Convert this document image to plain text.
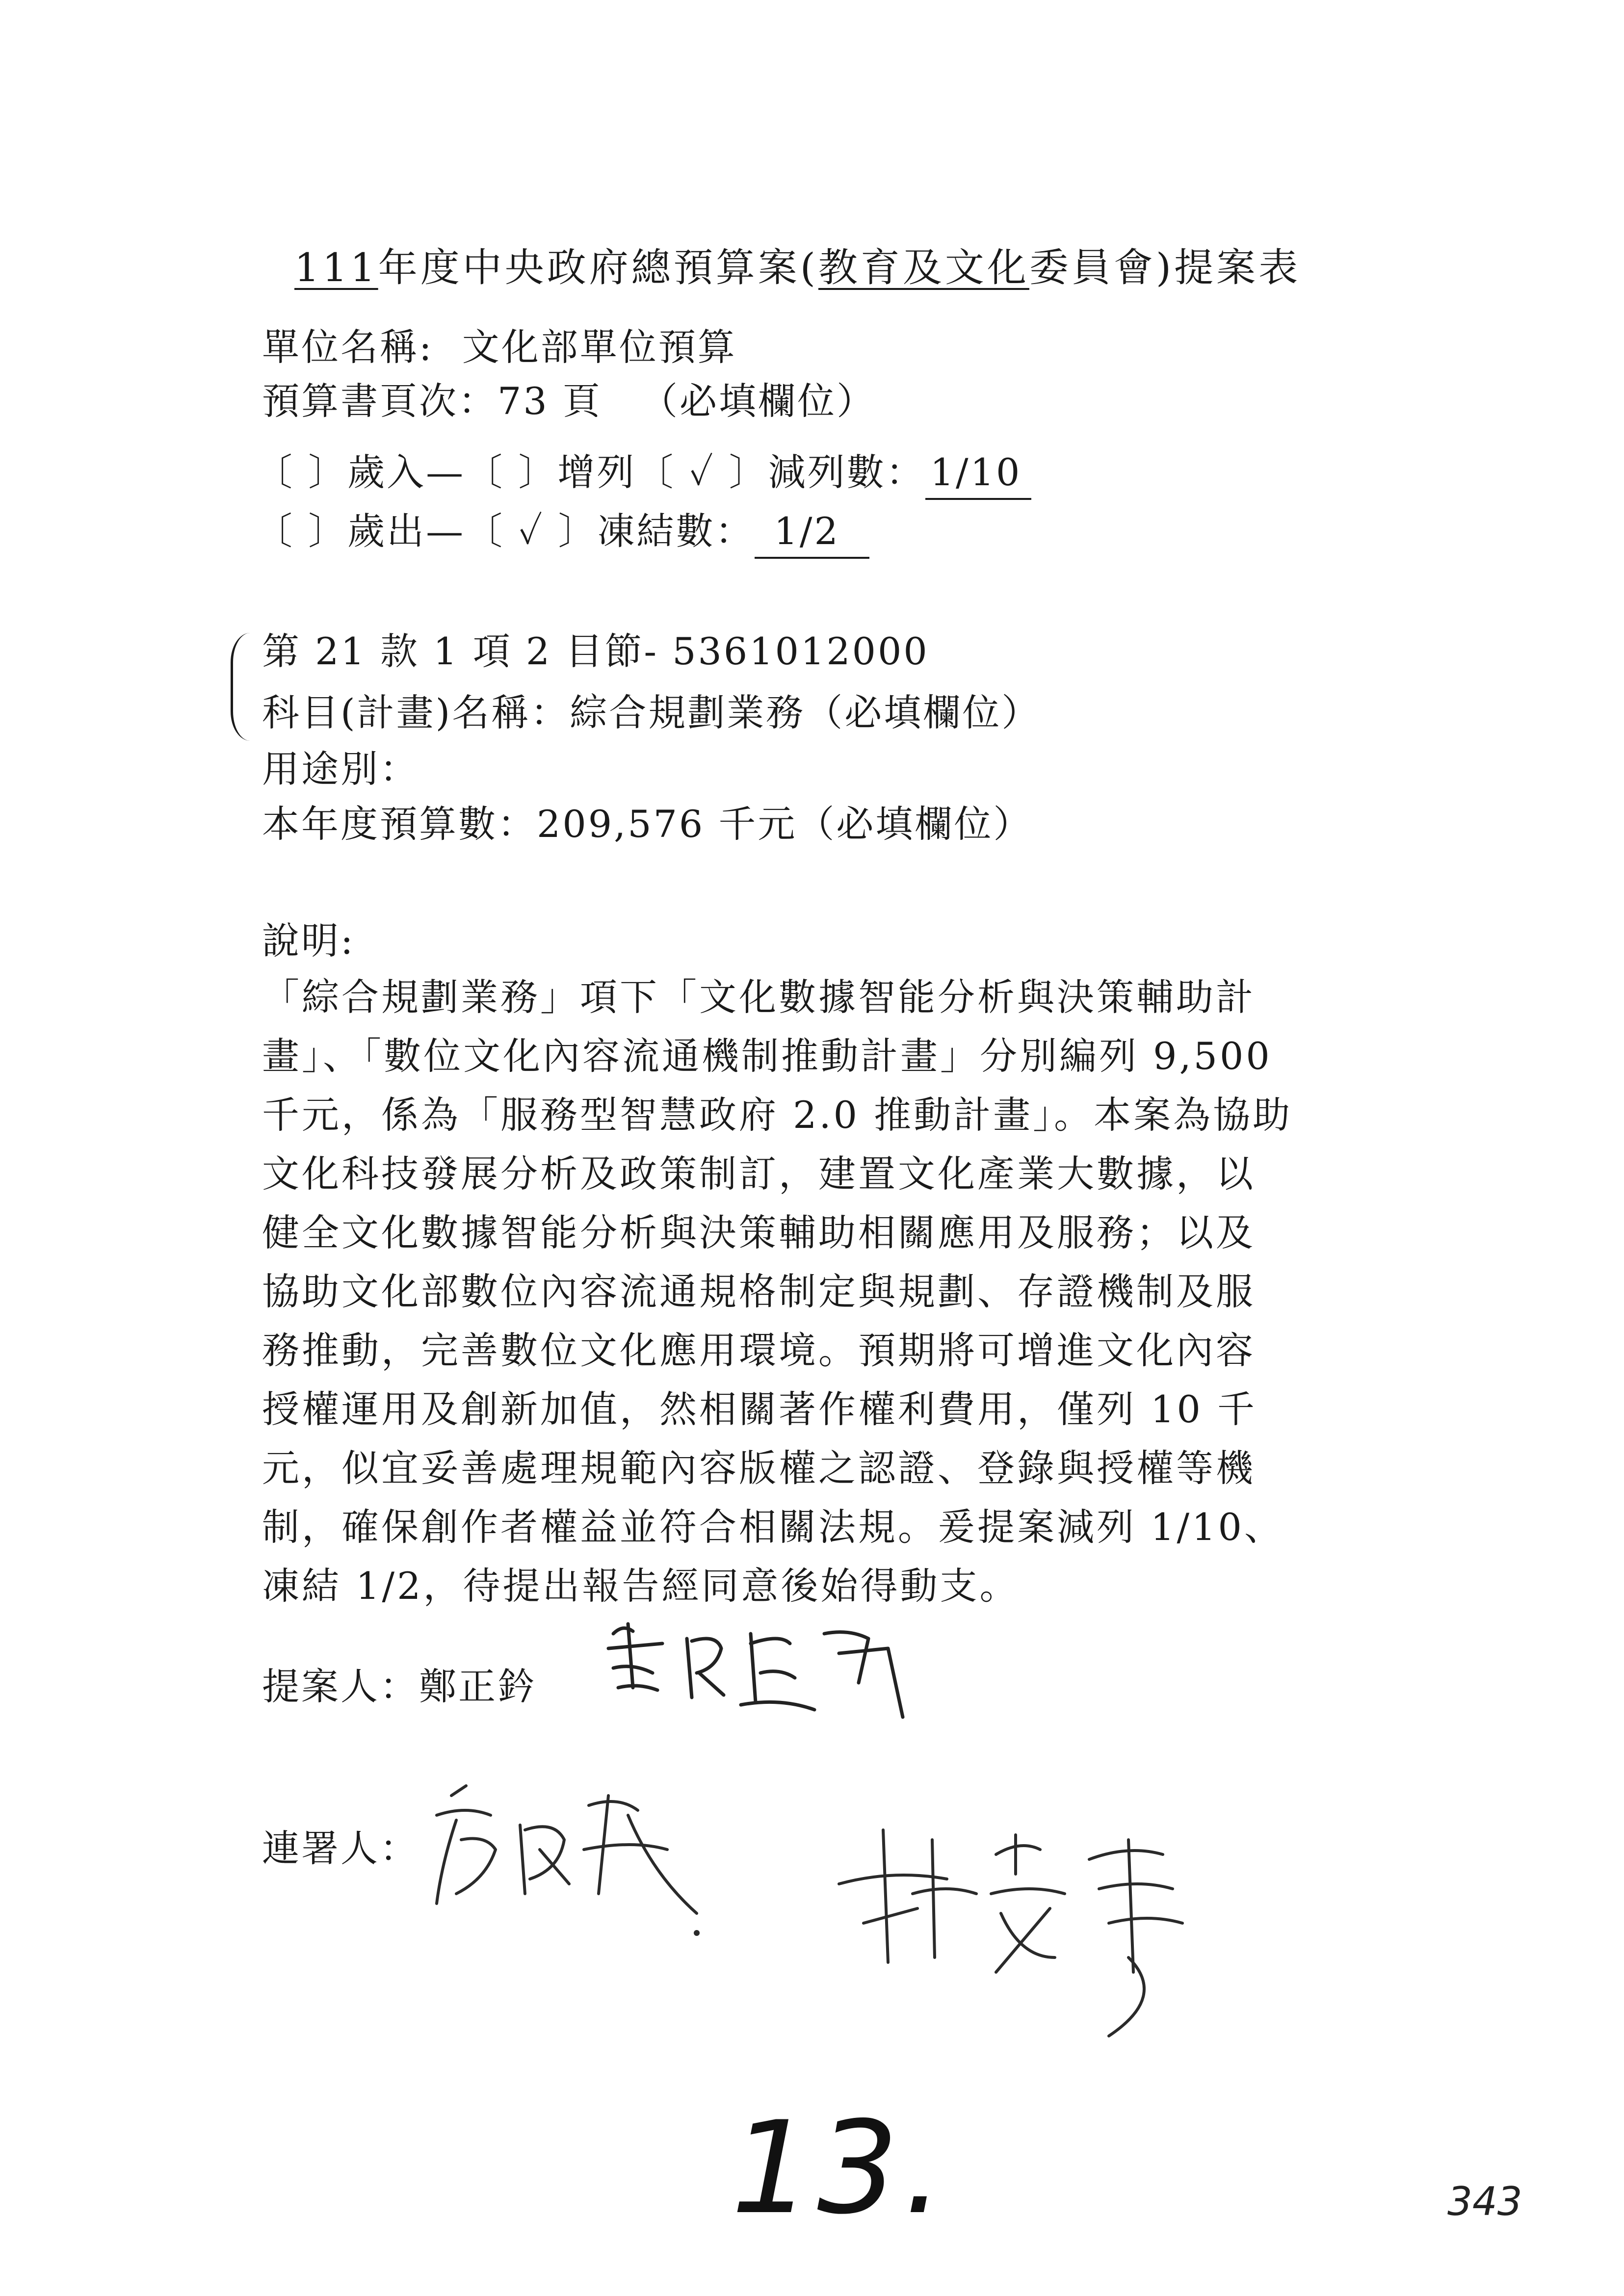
111年度中央政府總預算案(教育及文化委員會)提案表
單位名稱: 文化部單位預算
預算書頁次：73 頁 （必填欄位）
〔 〕歲入—〔 〕增列〔 ✓ 〕減列數： 1/10
〔 〕歲出—〔 ✓ 〕凍結數： 1/2
第 21 款 1 項 2 目節- 5361012000
科目(計畫)名稱：綜合規劃業務（必填欄位）
用途別：
本年度預算數：209,576 千元（必填欄位）
說明:
「綜合規劃業務」項下「文化數據智能分析與決策輔助計
畫」、「數位文化內容流通機制推動計畫」分別編列 9,500
千元，係為「服務型智慧政府 2.0 推動計畫」。本案為協助
文化科技發展分析及政策制訂，建置文化產業大數據，以
健全文化數據智能分析與決策輔助相關應用及服務；以及
協助文化部數位內容流通規格制定與規劃、存證機制及服
務推動，完善數位文化應用環境。預期將可增進文化內容
授權運用及創新加值，然相關著作權利費用，僅列 10 千
元，似宜妥善處理規範內容版權之認證、登錄與授權等機
制，確保創作者權益並符合相關法規。爰提案減列 1/10、
凍結 1/2，待提出報告經同意後始得動支。
提案人：鄭正鈐
連署人：
13.	343
